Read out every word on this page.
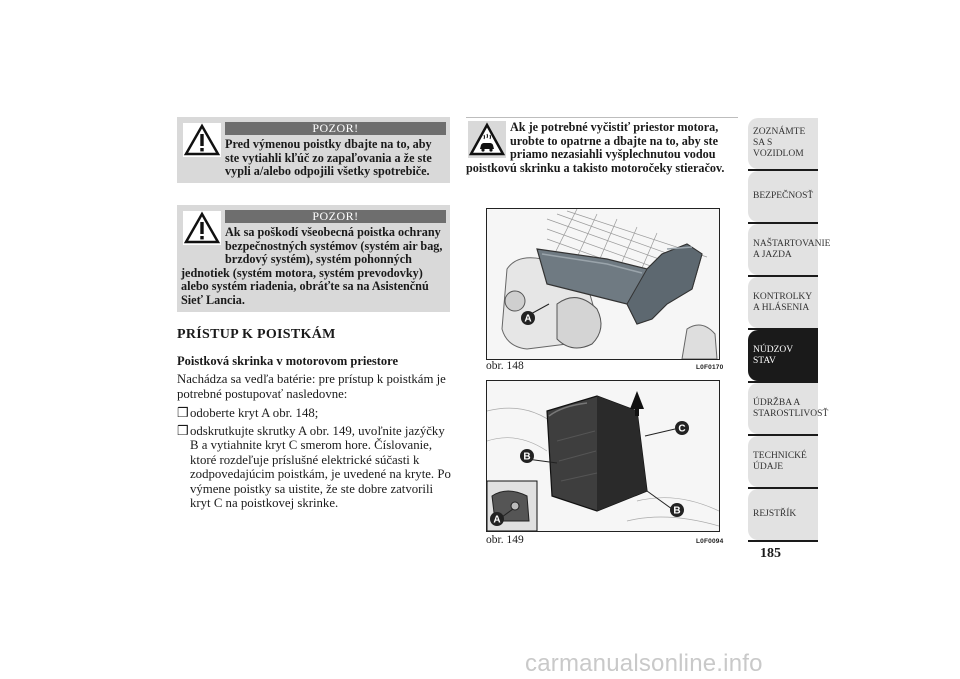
POZOR!
Pred výmenou poistky dbajte na to, aby ste vytiahli kľúč zo zapaľovania a že ste vypli a/alebo odpojili všetky spotrebiče.
POZOR!
Ak sa poškodí všeobecná poistka ochrany bezpečnostných systémov (systém air bag, brzdový systém), systém pohonných jednotiek (systém motora, systém prevodovky) alebo systém riadenia, obráťte sa na Asistenčnú Sieť Lancia.
PRÍSTUP K POISTKÁM
Poistková skrinka v motorovom priestore
Nachádza sa vedľa batérie: pre prístup k poistkám je potrebné postupovať nasledovne:
❒ odoberte kryt A obr. 148;
❒ odskrutkujte skrutky A obr. 149, uvoľnite jazýčky B a vytiahnite kryt C smerom hore. Číslovanie, ktoré rozdeľuje príslušné elektrické súčasti k zodpovedajúcim poistkám, je uvedené na kryte. Po výmene poistky sa uistite, že ste dobre zatvorili kryt C na poistkovej skrinke.
Ak je potrebné vyčistiť priestor motora, urobte to opatrne a dbajte na to, aby ste priamo nezasiahli vyšplechnutou vodou poistkovú skrinku a takisto motoročeky stieračov.
A
obr. 148	L0F0170
C
B
B
A
obr. 149	L0F0094
ZOZNÁMTE SA S VOZIDLOM
BEZPEČNOSŤ
NAŠTARTOVANIE A JAZDA
KONTROLKY A HLÁSENIA
NÚDZOV STAV
ÚDRŽBA A STAROSTLIVOSŤ
TECHNICKÉ ÚDAJE
REJSTŘÍK
185
carmanualsonline.info
